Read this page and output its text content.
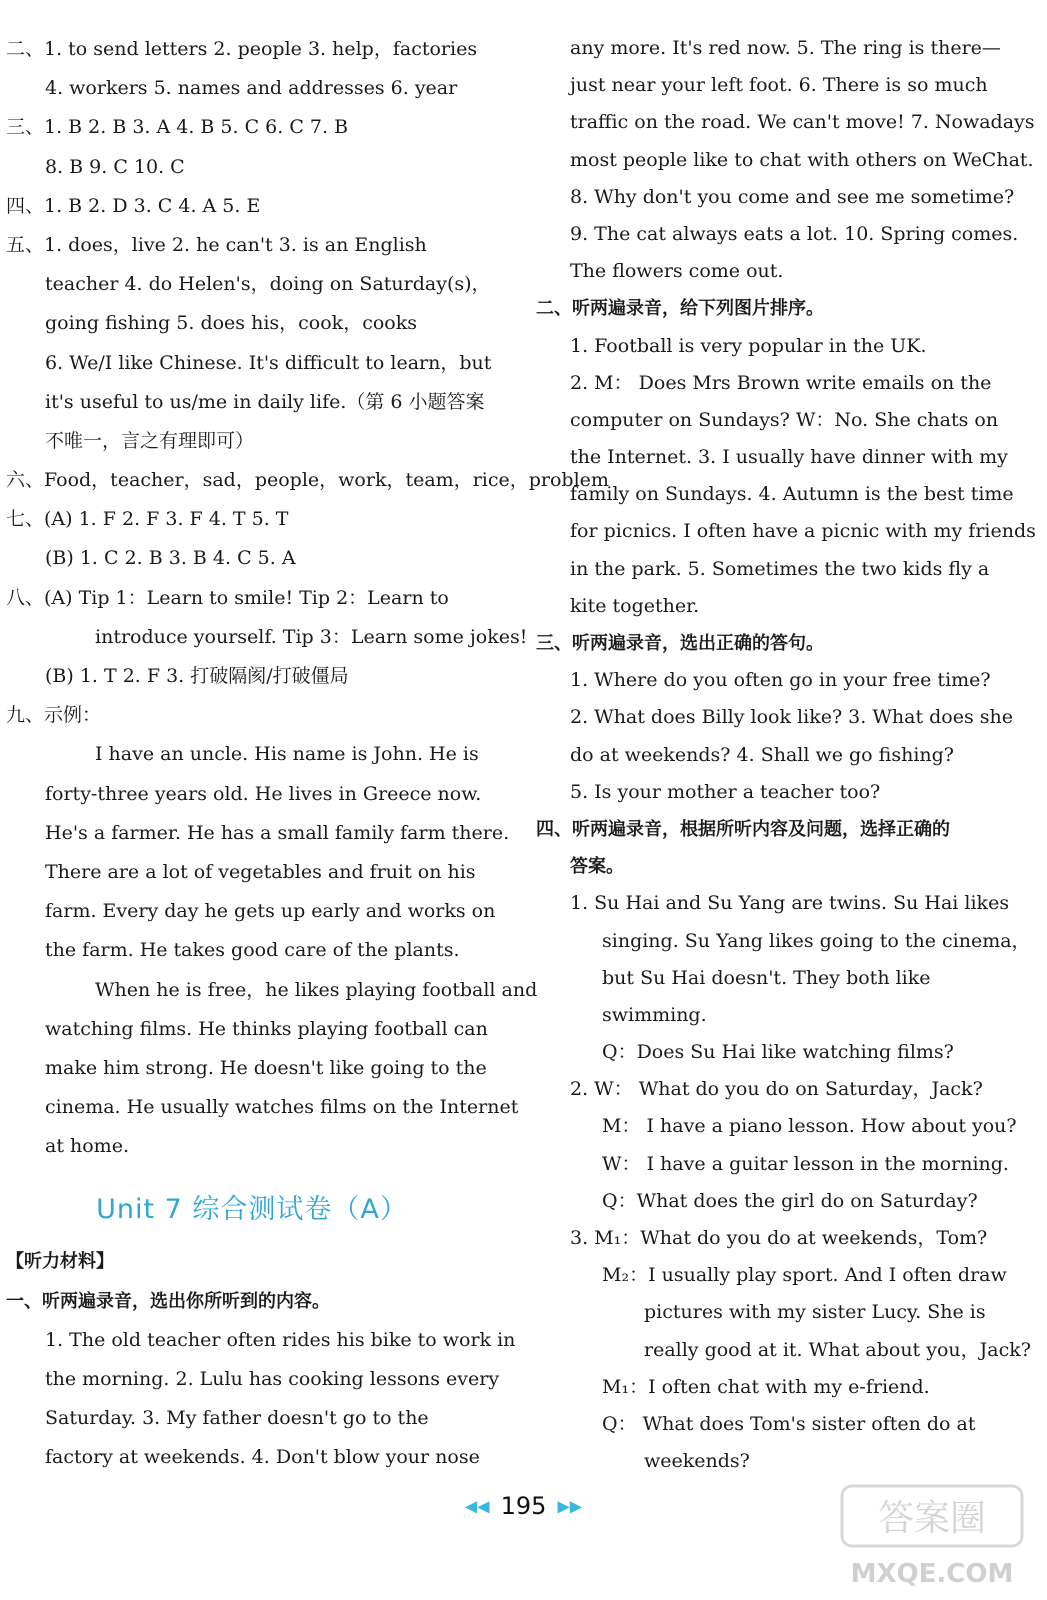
二、1. to send letters 2. people 3. help，factories
4. workers 5. names and addresses 6. year
三、1. B 2. B 3. A 4. B 5. C 6. C 7. B
8. B 9. C 10. C
四、1. B 2. D 3. C 4. A 5. E
五、1. does，live 2. he can't 3. is an English
teacher 4. do Helen's，doing on Saturday(s)，
going fishing 5. does his，cook，cooks
6. We/I like Chinese. It's difficult to learn，but
it's useful to us/me in daily life.（第 6 小题答案
不唯一，言之有理即可）
六、Food，teacher，sad，people，work，team，rice，problem
七、(A) 1. F 2. F 3. F 4. T 5. T
(B) 1. C 2. B 3. B 4. C 5. A
八、(A) Tip 1：Learn to smile! Tip 2：Learn to
introduce yourself. Tip 3：Learn some jokes!
(B) 1. T 2. F 3. 打破隔阂/打破僵局
九、示例：
I have an uncle. His name is John. He is
forty-three years old. He lives in Greece now.
He's a farmer. He has a small family farm there.
There are a lot of vegetables and fruit on his
farm. Every day he gets up early and works on
the farm. He takes good care of the plants.
When he is free，he likes playing football and
watching films. He thinks playing football can
make him strong. He doesn't like going to the
cinema. He usually watches films on the Internet
at home.
Unit 7 综合测试卷（A）
【听力材料】
一、听两遍录音，选出你所听到的内容。
1. The old teacher often rides his bike to work in
the morning. 2. Lulu has cooking lessons every
Saturday. 3. My father doesn't go to the
factory at weekends. 4. Don't blow your nose
any more. It's red now. 5. The ring is there—
just near your left foot. 6. There is so much
traffic on the road. We can't move! 7. Nowadays
most people like to chat with others on WeChat.
8. Why don't you come and see me sometime?
9. The cat always eats a lot. 10. Spring comes.
The flowers come out.
二、听两遍录音，给下列图片排序。
1. Football is very popular in the UK.
2. M： Does Mrs Brown write emails on the
computer on Sundays? W：No. She chats on
the Internet. 3. I usually have dinner with my
family on Sundays. 4. Autumn is the best time
for picnics. I often have a picnic with my friends
in the park. 5. Sometimes the two kids fly a
kite together.
三、听两遍录音，选出正确的答句。
1. Where do you often go in your free time?
2. What does Billy look like? 3. What does she
do at weekends? 4. Shall we go fishing?
5. Is your mother a teacher too?
四、听两遍录音，根据所听内容及问题，选择正确的
答案。
1. Su Hai and Su Yang are twins. Su Hai likes
singing. Su Yang likes going to the cinema，
but Su Hai doesn't. They both like
swimming.
Q：Does Su Hai like watching films?
2. W： What do you do on Saturday，Jack?
M： I have a piano lesson. How about you?
W： I have a guitar lesson in the morning.
Q：What does the girl do on Saturday?
3. M₁：What do you do at weekends，Tom?
M₂：I usually play sport. And I often draw
pictures with my sister Lucy. She is
really good at it. What about you，Jack?
M₁：I often chat with my e-friend.
Q： What does Tom's sister often do at
weekends?
◀◀ 195 ▶▶	答案圈
MXQE.COM
